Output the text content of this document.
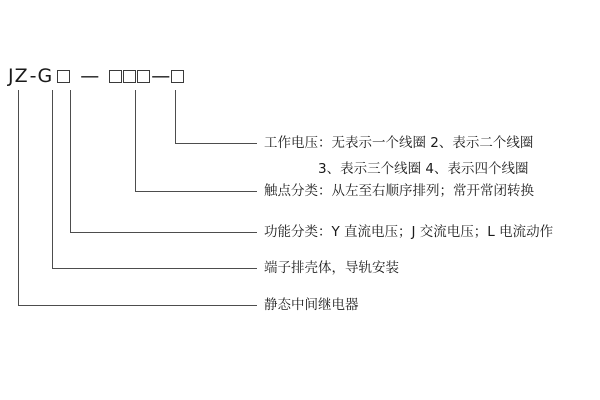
JZ - G —	—
工作电压：无表示一个线圈 2、表示二个线圈
3、表示三个线圈 4、表示四个线圈
触点分类：从左至右顺序排列；常开常闭转换
功能分类：Y 直流电压；J 交流电压；L 电流动作
端子排壳体，导轨安装
静态中间继电器
